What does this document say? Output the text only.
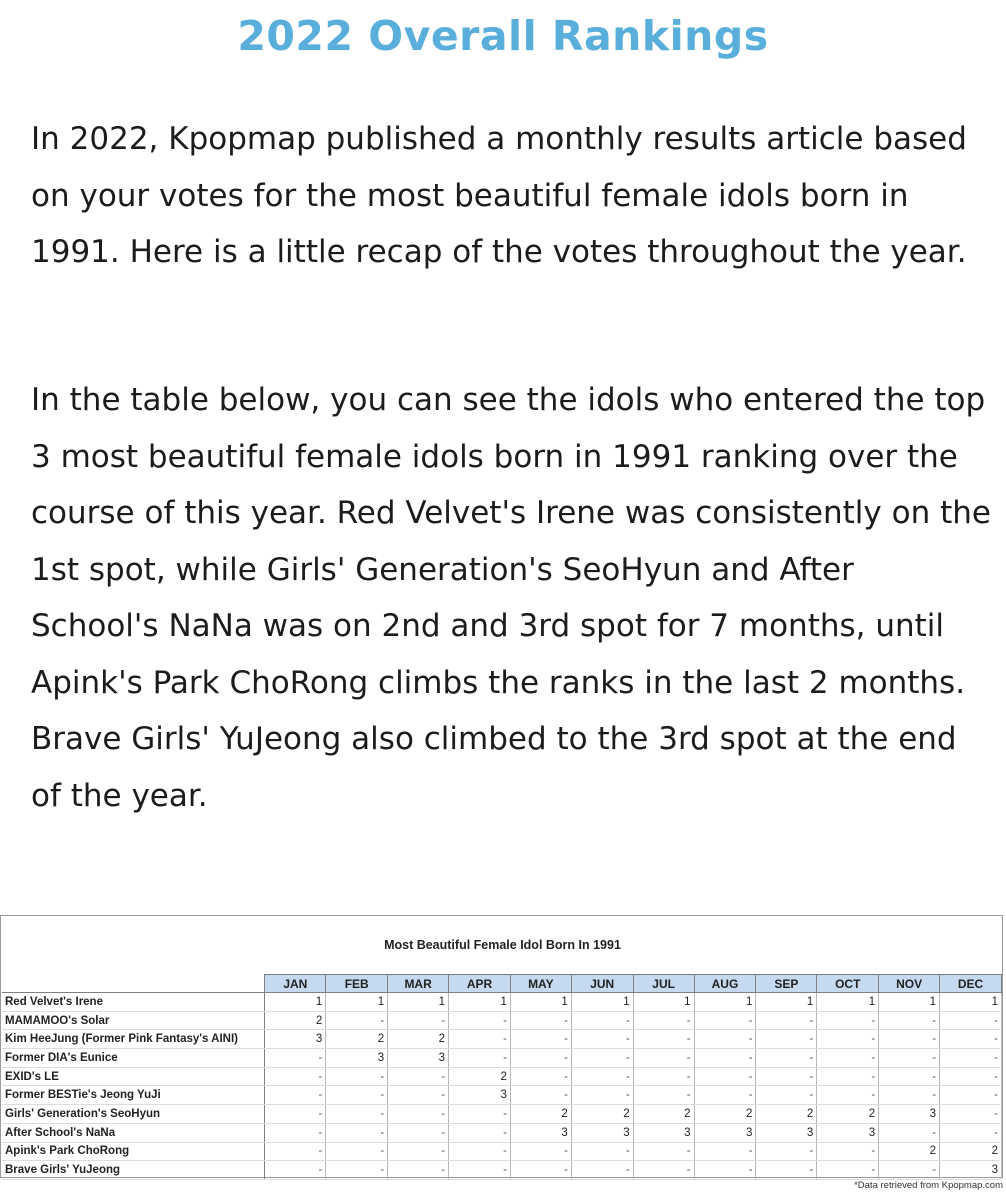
2022 Overall Rankings

In 2022, Kpopmap published a monthly results article based on your votes for the most beautiful female idols born in 1991. Here is a little recap of the votes throughout the year.

In the table below, you can see the idols who entered the top 3 most beautiful female idols born in 1991 ranking over the course of this year. Red Velvet's Irene was consistently on the 1st spot, while Girls' Generation's SeoHyun and After School's NaNa was on 2nd and 3rd spot for 7 months, until Apink's Park ChoRong climbs the ranks in the last 2 months. Brave Girls' YuJeong also climbed to the 3rd spot at the end of the year.

Most Beautiful Female Idol Born In 1991
	JAN	FEB	MAR	APR	MAY	JUN	JUL	AUG	SEP	OCT	NOV	DEC
Red Velvet's Irene	1	1	1	1	1	1	1	1	1	1	1	1
MAMAMOO's Solar	2	-	-	-	-	-	-	-	-	-	-	-
Kim HeeJung (Former Pink Fantasy's AINI)	3	2	2	-	-	-	-	-	-	-	-	-
Former DIA's Eunice	-	3	3	-	-	-	-	-	-	-	-	-
EXID's LE	-	-	-	2	-	-	-	-	-	-	-	-
Former BESTie's Jeong YuJi	-	-	-	3	-	-	-	-	-	-	-	-
Girls' Generation's SeoHyun	-	-	-	-	2	2	2	2	2	2	3	-
After School's NaNa	-	-	-	-	3	3	3	3	3	3	-	-
Apink's Park ChoRong	-	-	-	-	-	-	-	-	-	-	2	2
Brave Girls' YuJeong	-	-	-	-	-	-	-	-	-	-	-	3
*Data retrieved from Kpopmap.com
